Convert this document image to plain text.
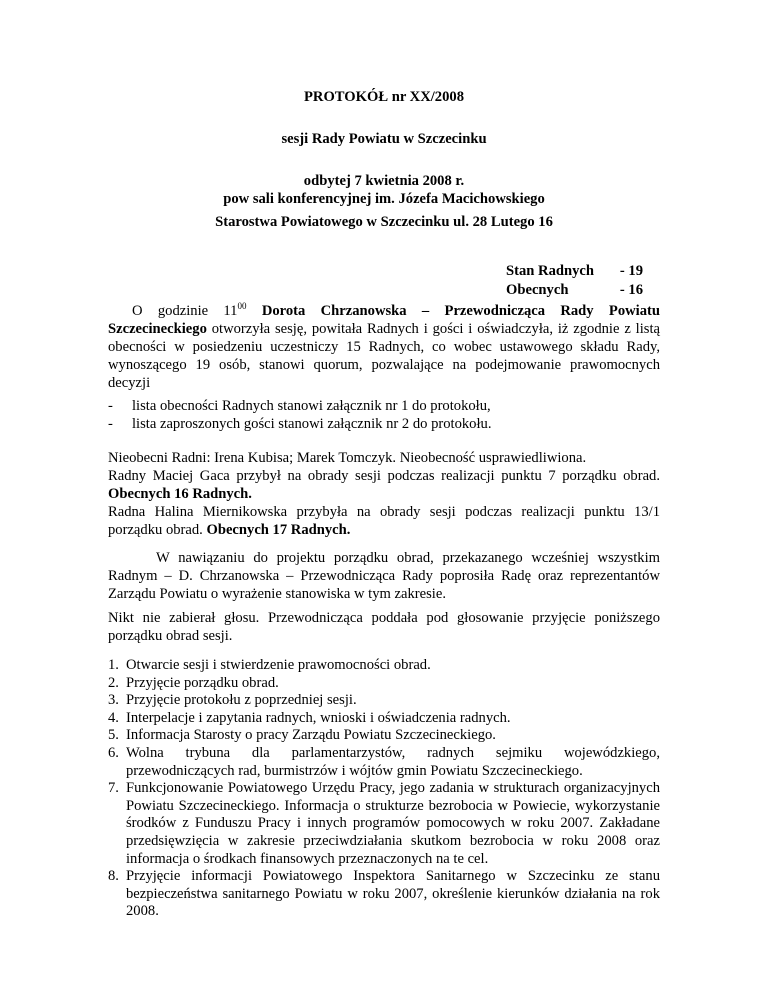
PROTOKÓŁ nr XX/2008
sesji Rady Powiatu w Szczecinku
odbytej 7 kwietnia 2008 r.
pow sali konferencyjnej im. Józefa Macichowskiego
Starostwa Powiatowego w Szczecinku ul. 28 Lutego 16
Stan Radnych	- 19
Obecnych	- 16
O godzinie $11^{00}$ Dorota Chrzanowska – Przewodnicząca Rady Powiatu Szczecineckiego otworzyła sesję, powitała Radnych i gości i oświadczyła, iż zgodnie z listą obecności w posiedzeniu uczestniczy 15 Radnych, co wobec ustawowego składu Rady, wynoszącego 19 osób, stanowi quorum, pozwalające na podejmowanie prawomocnych decyzji
- lista obecności Radnych stanowi załącznik nr 1 do protokołu,
- lista zaproszonych gości stanowi załącznik nr 2 do protokołu.
Nieobecni Radni: Irena Kubisa; Marek Tomczyk. Nieobecność usprawiedliwiona.
Radny Maciej Gaca przybył na obrady sesji podczas realizacji punktu 7 porządku obrad.
Obecnych 16 Radnych.
Radna Halina Miernikowska przybyła na obrady sesji podczas realizacji punktu 13/1 porządku obrad. Obecnych 17 Radnych.
W nawiązaniu do projektu porządku obrad, przekazanego wcześniej wszystkim Radnym – D. Chrzanowska – Przewodnicząca Rady poprosiła Radę oraz reprezentantów Zarządu Powiatu o wyrażenie stanowiska w tym zakresie.
Nikt nie zabierał głosu. Przewodnicząca poddała pod głosowanie przyjęcie poniższego porządku obrad sesji.
1. Otwarcie sesji i stwierdzenie prawomocności obrad.
2. Przyjęcie porządku obrad.
3. Przyjęcie protokołu z poprzedniej sesji.
4. Interpelacje i zapytania radnych, wnioski i oświadczenia radnych.
5. Informacja Starosty o pracy Zarządu Powiatu Szczecineckiego.
6. Wolna trybuna dla parlamentarzystów, radnych sejmiku wojewódzkiego, przewodniczących rad, burmistrzów i wójtów gmin Powiatu Szczecineckiego.
7. Funkcjonowanie Powiatowego Urzędu Pracy, jego zadania w strukturach organizacyjnych Powiatu Szczecineckiego. Informacja o strukturze bezrobocia w Powiecie, wykorzystanie środków z Funduszu Pracy i innych programów pomocowych w roku 2007. Zakładane przedsięwzięcia w zakresie przeciwdziałania skutkom bezrobocia w roku 2008 oraz informacja o środkach finansowych przeznaczonych na te cel.
8. Przyjęcie informacji Powiatowego Inspektora Sanitarnego w Szczecinku ze stanu bezpieczeństwa sanitarnego Powiatu w roku 2007, określenie kierunków działania na rok 2008.
